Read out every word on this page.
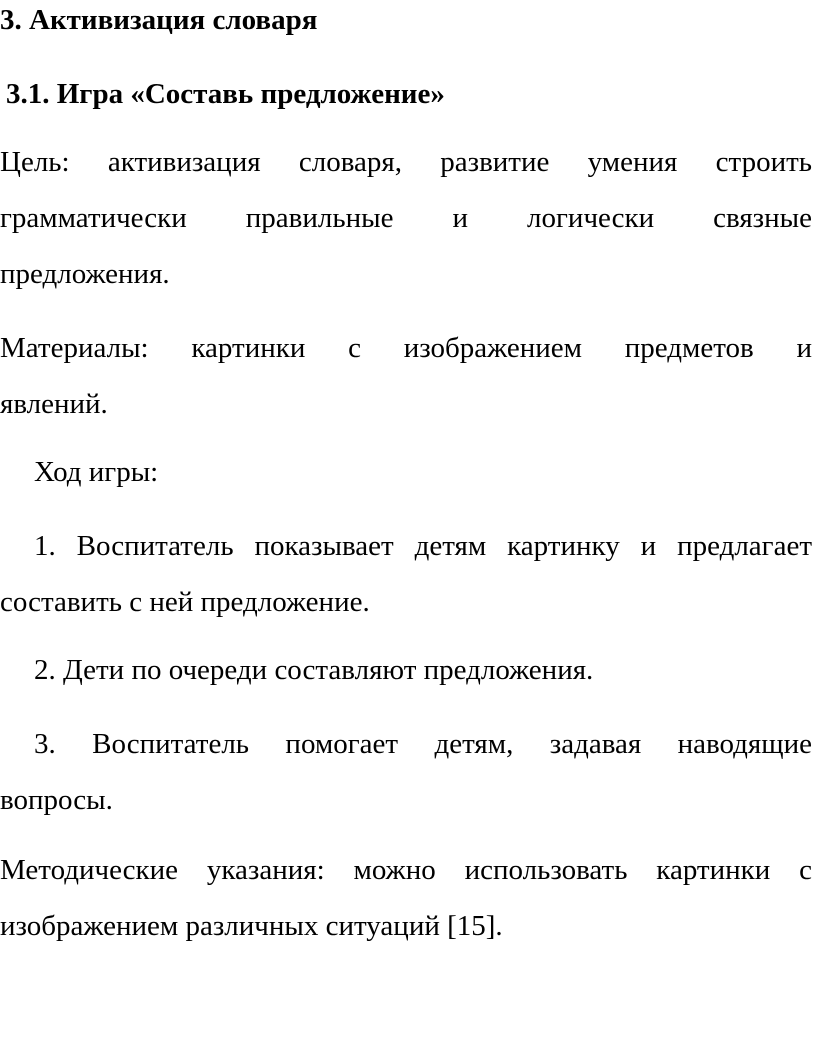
3. Активизация словаря
3.1. Игра «Составь предложение»
Цель: активизация словаря, развитие умения строить
грамматически правильные и логически связные
предложения.
Материалы: картинки с изображением предметов и
явлений.
Ход игры:
1. Воспитатель показывает детям картинку и предлагает
составить с ней предложение.
2. Дети по очереди составляют предложения.
3. Воспитатель помогает детям, задавая наводящие
вопросы.
Методические указания: можно использовать картинки с
изображением различных ситуаций [15].
